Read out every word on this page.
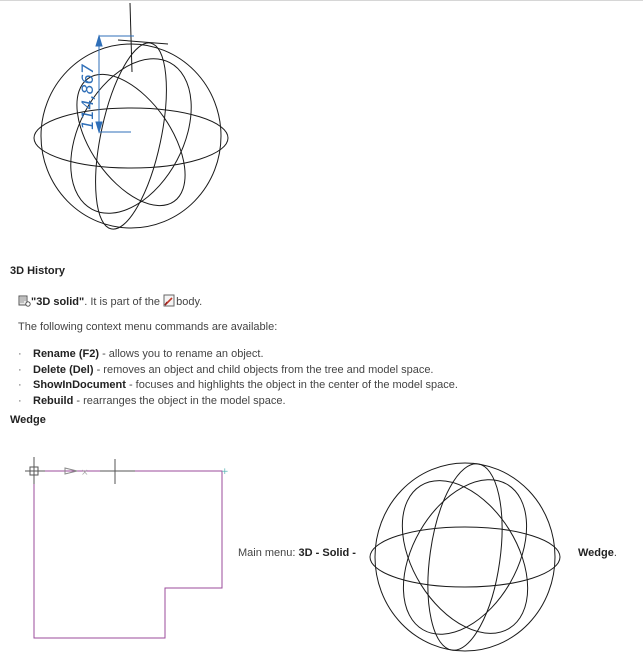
114,867
3D History
"3D solid". It is part of the body.
The following context menu commands are available:
· Rename (F2) - allows you to rename an object.
· Delete (Del) - removes an object and child objects from the tree and model space.
· ShowInDocument - focuses and highlights the object in the center of the model space.
· Rebuild - rearranges the object in the model space.
Wedge
×	+
Main menu: 3D - Solid -	Wedge.
